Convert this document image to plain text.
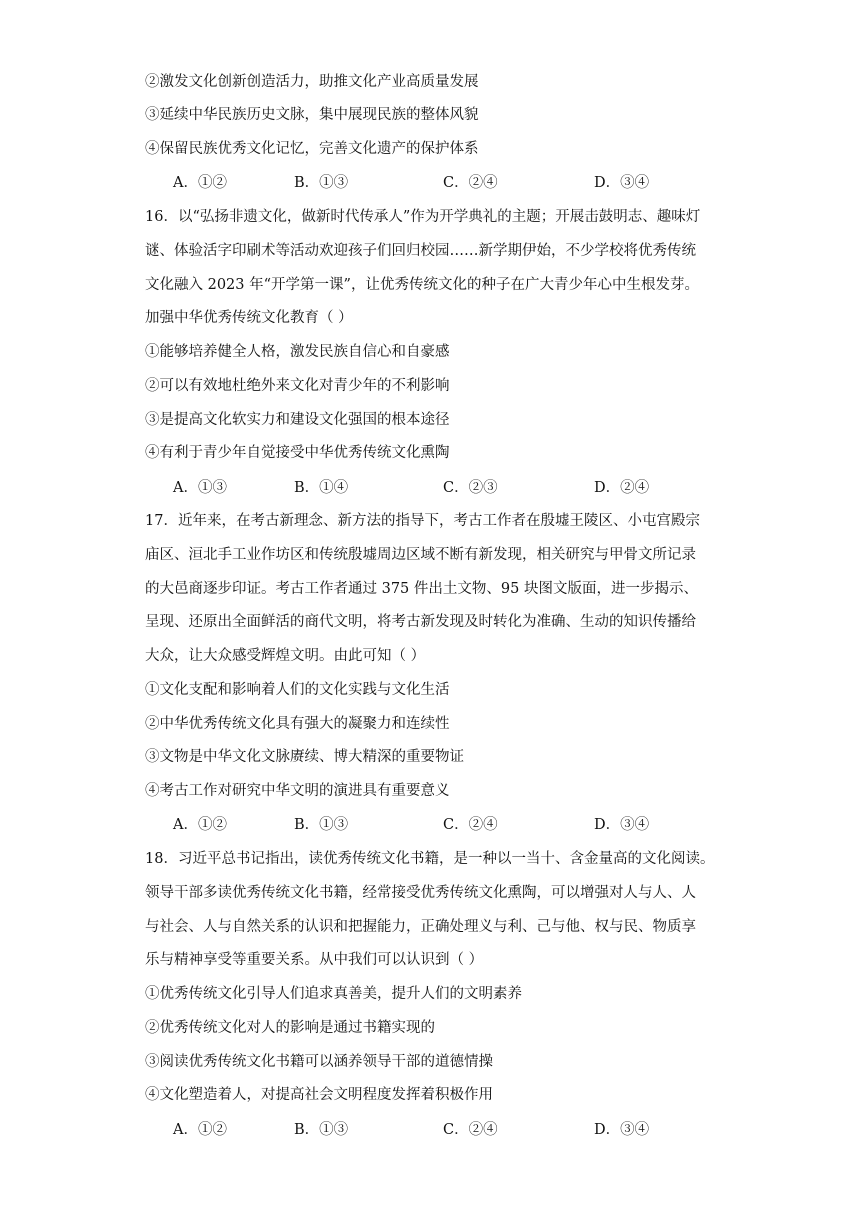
②激发文化创新创造活力，助推文化产业高质量发展
③延续中华民族历史文脉，集中展现民族的整体风貌
④保留民族优秀文化记忆，完善文化遗产的保护体系
A．①②	B．①③	C．②④	D．③④
16．以“弘扬非遗文化，做新时代传承人”作为开学典礼的主题；开展击鼓明志、趣味灯
谜、体验活字印刷术等活动欢迎孩子们回归校园……新学期伊始，不少学校将优秀传统
文化融入 2023 年“开学第一课”，让优秀传统文化的种子在广大青少年心中生根发芽。
加强中华优秀传统文化教育（ ）
①能够培养健全人格，激发民族自信心和自豪感
②可以有效地杜绝外来文化对青少年的不利影响
③是提高文化软实力和建设文化强国的根本途径
④有利于青少年自觉接受中华优秀传统文化熏陶
A．①③	B．①④	C．②③	D．②④
17．近年来，在考古新理念、新方法的指导下，考古工作者在殷墟王陵区、小屯宫殿宗
庙区、洹北手工业作坊区和传统殷墟周边区域不断有新发现，相关研究与甲骨文所记录
的大邑商逐步印证。考古工作者通过 375 件出土文物、95 块图文版面，进一步揭示、
呈现、还原出全面鲜活的商代文明，将考古新发现及时转化为准确、生动的知识传播给
大众，让大众感受辉煌文明。由此可知（ ）
①文化支配和影响着人们的文化实践与文化生活
②中华优秀传统文化具有强大的凝聚力和连续性
③文物是中华文化文脉赓续、博大精深的重要物证
④考古工作对研究中华文明的演进具有重要意义
A．①②	B．①③	C．②④	D．③④
18．习近平总书记指出，读优秀传统文化书籍，是一种以一当十、含金量高的文化阅读。
领导干部多读优秀传统文化书籍，经常接受优秀传统文化熏陶，可以增强对人与人、人
与社会、人与自然关系的认识和把握能力，正确处理义与利、己与他、权与民、物质享
乐与精神享受等重要关系。从中我们可以认识到（ ）
①优秀传统文化引导人们追求真善美，提升人们的文明素养
②优秀传统文化对人的影响是通过书籍实现的
③阅读优秀传统文化书籍可以涵养领导干部的道德情操
④文化塑造着人，对提高社会文明程度发挥着积极作用
A．①②	B．①③	C．②④	D．③④
